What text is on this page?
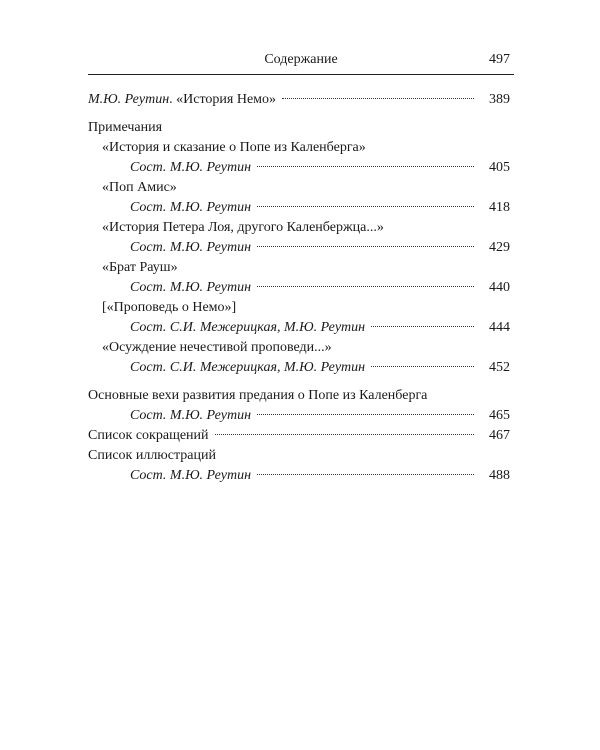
Содержание	497
М.Ю. Реутин. «История Немо»	389
Примечания
«История и сказание о Попе из Каленберга»
Сост. М.Ю. Реутин	405
«Поп Амис»
Сост. М.Ю. Реутин	418
«История Петера Лоя, другого Каленбержца...»
Сост. М.Ю. Реутин	429
«Брат Рауш»
Сост. М.Ю. Реутин	440
[«Проповедь о Немо»]
Сост. С.И. Межерицкая, М.Ю. Реутин	444
«Осуждение нечестивой проповеди...»
Сост. С.И. Межерицкая, М.Ю. Реутин	452
Основные вехи развития предания о Попе из Каленберга
Сост. М.Ю. Реутин	465
Список сокращений	467
Список иллюстраций
Сост. М.Ю. Реутин	488
